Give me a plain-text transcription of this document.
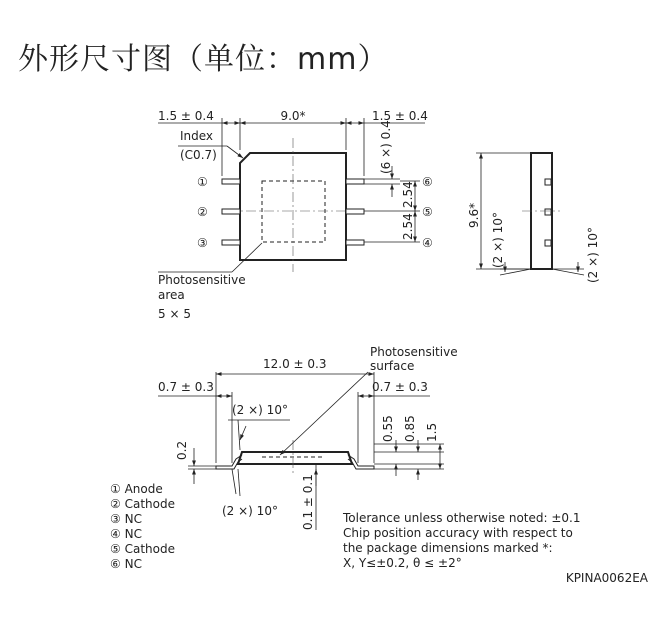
外形尺寸图（单位：mm）
①
②
③
⑥
⑤
④
9.0*
1.5 ± 0.4	1.5 ± 0.4
Index
(C0.7)	(6 ×) 0.4
2.54
2.54
Photosensitive
area
5 × 5
9.6* (2 ×) 10°	(2 ×) 10°
12.0 ± 0.3
0.7 ± 0.3	0.7 ± 0.3
Photosensitive
surface
(2 ×) 10°
(2 ×) 10°
0.2
0.1 ± 0.1
0.55 0.85 1.5
① Anode
② Cathode
③ NC
④ NC
⑤ Cathode
⑥ NC
Tolerance unless otherwise noted: ±0.1
Chip position accuracy with respect to
the package dimensions marked *:
X, Y≤±0.2, θ ≤ ±2°
KPINA0062EA
